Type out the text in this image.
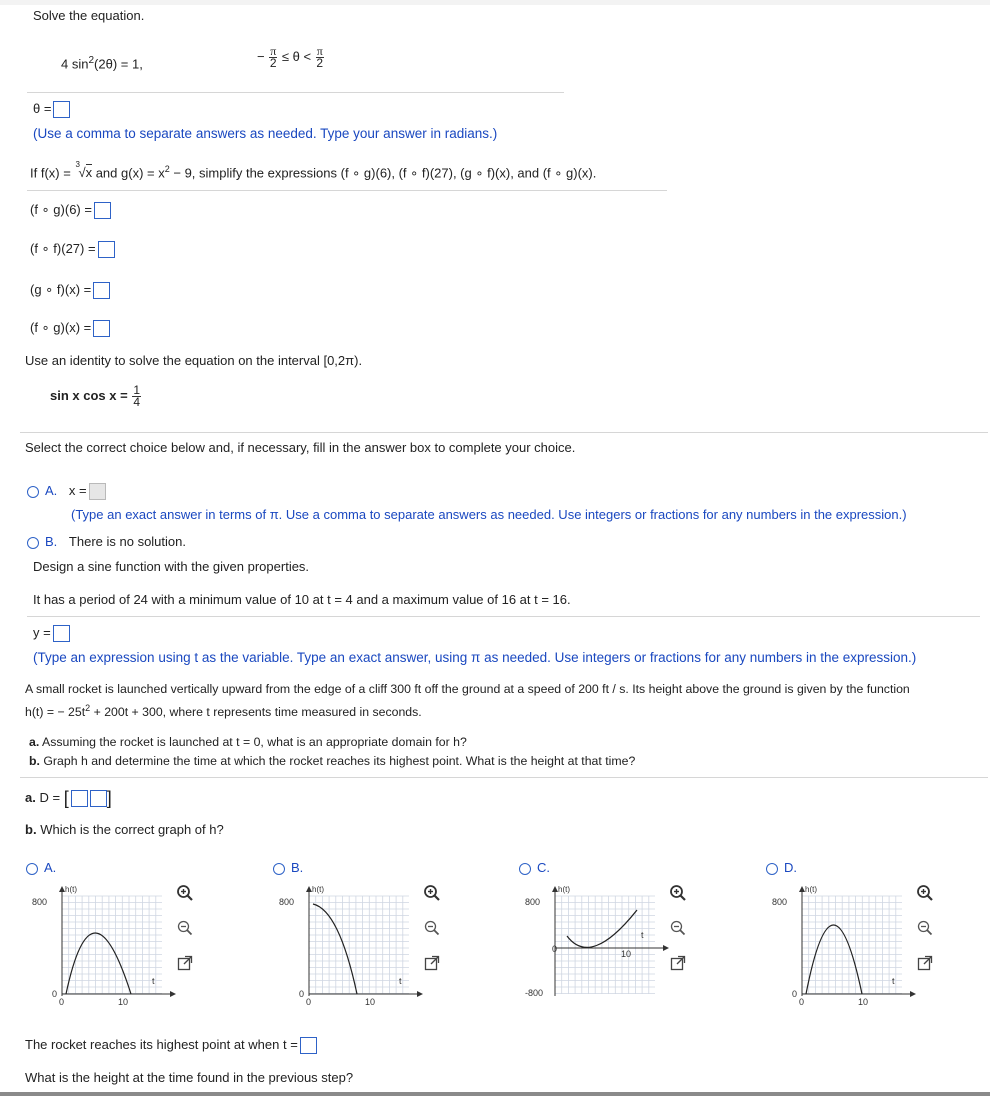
Solve the equation.
4 $\sin^2(2\theta) = 1$,	− $\frac{\pi}{2} \le \theta < \frac{\pi}{2}$
θ =
(Use a comma to separate answers as needed. Type your answer in radians.)
If f(x) =
3
√x and $g(x) = x^2 - 9$, simplify the expressions (f ∘ g)(6), (f ∘ f)(27), (g ∘ f)(x), and (f ∘ g)(x).
(f ∘ g)(6) =
(f ∘ f)(27) =
(g ∘ f)(x) =
(f ∘ g)(x) =
Use an identity to solve the equation on the interval [0,2π).
sin x $\cos x = \frac{1}{4}$
Select the correct choice below and, if necessary, fill in the answer box to complete your choice.
A. x =
(Type an exact answer in terms of π. Use a comma to separate answers as needed. Use integers or fractions for any numbers in the expression.)
B. There is no solution.
Design a sine function with the given properties.
It has a period of 24 with a minimum value of 10 at t = 4 and a maximum value of 16 at t = 16.
y =
(Type an expression using t as the variable. Type an exact answer, using π as needed. Use integers or fractions for any numbers in the expression.)
A small rocket is launched vertically upward from the edge of a cliff 300 ft off the ground at a speed of 200 ft / s. Its height above the ground is given by the function
h(t) = − $25t^2 + 200t + 300$, where t represents time measured in seconds.
a. Assuming the rocket is launched at t = 0, what is an appropriate domain for h?
b. Graph h and determine the time at which the rocket reaches its highest point. What is the height at that time?
a. D = [ ]
b. Which is the correct graph of h?
A.
h(t)
800
0
0	10
t
B.
h(t)
800
0
0	10
t
C.
h(t)
800
-800
0	10
t
D.
h(t)
800
0
0	10
t
The rocket reaches its highest point at when t =
What is the height at the time found in the previous step?
